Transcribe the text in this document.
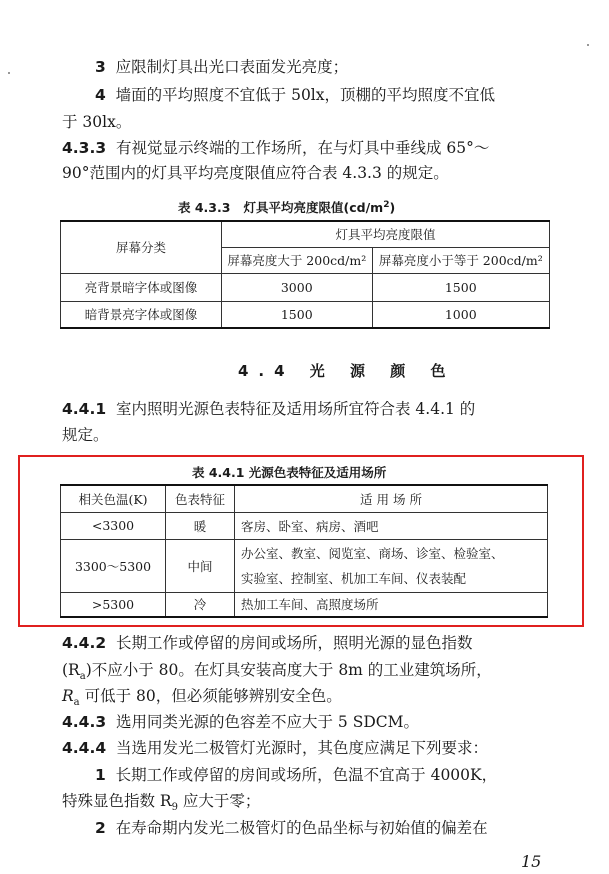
3 应限制灯具出光口表面发光亮度；
4 墙面的平均照度不宜低于 50lx，顶棚的平均照度不宜低
于 30lx。
4.3.3 有视觉显示终端的工作场所，在与灯具中垂线成 65°～
90°范围内的灯具平均亮度限值应符合表 4.3.3 的规定。
表 4.3.3 灯具平均亮度限值$(cd/m^2)$
屏幕分类	灯具平均亮度限值	
	屏幕亮度大于 200cd/m²	屏幕亮度小于等于 200cd/m²
亮背景暗字体或图像	3000	1500
暗背景亮字体或图像	1500	1000
4.4 光 源 颜 色
4.4.1 室内照明光源色表特征及适用场所宜符合表 4.4.1 的
规定。
表 4.4.1 光源色表特征及适用场所
相关色温(K)	色表特征	适 用 场 所
<3300	暖	客房、卧室、病房、酒吧
3300～5300	中间	办公室、教室、阅览室、商场、诊室、检验室、
实验室、控制室、机加工车间、仪表装配

>5300	冷	热加工车间、高照度场所
4.4.2 长期工作或停留的房间或场所，照明光源的显色指数
$(R_a)$不应小于 80。在灯具安装高度大于 8m 的工业建筑场所，
$R_a$ 可低于 80，但必须能够辨别安全色。
4.4.3 选用同类光源的色容差不应大于 5 SDCM。
4.4.4 当选用发光二极管灯光源时，其色度应满足下列要求：
1 长期工作或停留的房间或场所，色温不宜高于 4000K，
特殊显色指数 $R_9$ 应大于零；
2 在寿命期内发光二极管灯的色品坐标与初始值的偏差在
15
